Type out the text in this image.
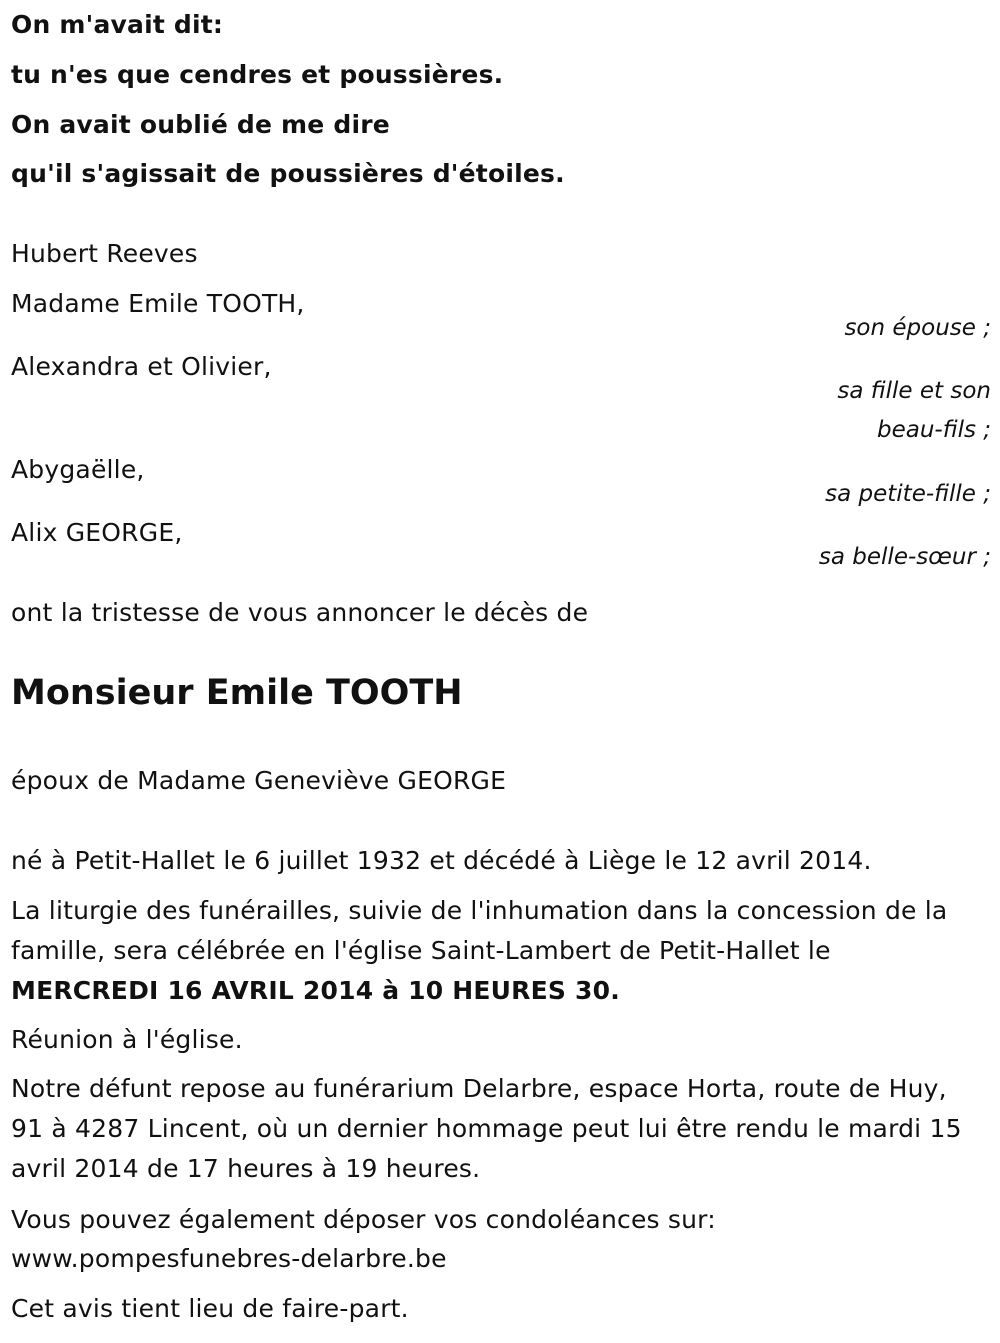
On m'avait dit:
tu n'es que cendres et poussières.
On avait oublié de me dire
qu'il s'agissait de poussières d'étoiles.
Hubert Reeves
Madame Emile TOOTH,
son épouse ;
Alexandra et Olivier,
sa fille et son
beau-fils ;
Abygaëlle,
sa petite-fille ;
Alix GEORGE,
sa belle-sœur ;
ont la tristesse de vous annoncer le décès de
Monsieur Emile TOOTH
époux de Madame Geneviève GEORGE
né à Petit-Hallet le 6 juillet 1932 et décédé à Liège le 12 avril 2014.
La liturgie des funérailles, suivie de l'inhumation dans la concession de la famille, sera célébrée en l'église Saint-Lambert de Petit-Hallet le
MERCREDI 16 AVRIL 2014 à 10 HEURES 30.
Réunion à l'église.
Notre défunt repose au funérarium Delarbre, espace Horta, route de Huy, 91 à 4287 Lincent, où un dernier hommage peut lui être rendu le mardi 15 avril 2014 de 17 heures à 19 heures.
Vous pouvez également déposer vos condoléances sur:
www.pompesfunebres-delarbre.be
Cet avis tient lieu de faire-part.
